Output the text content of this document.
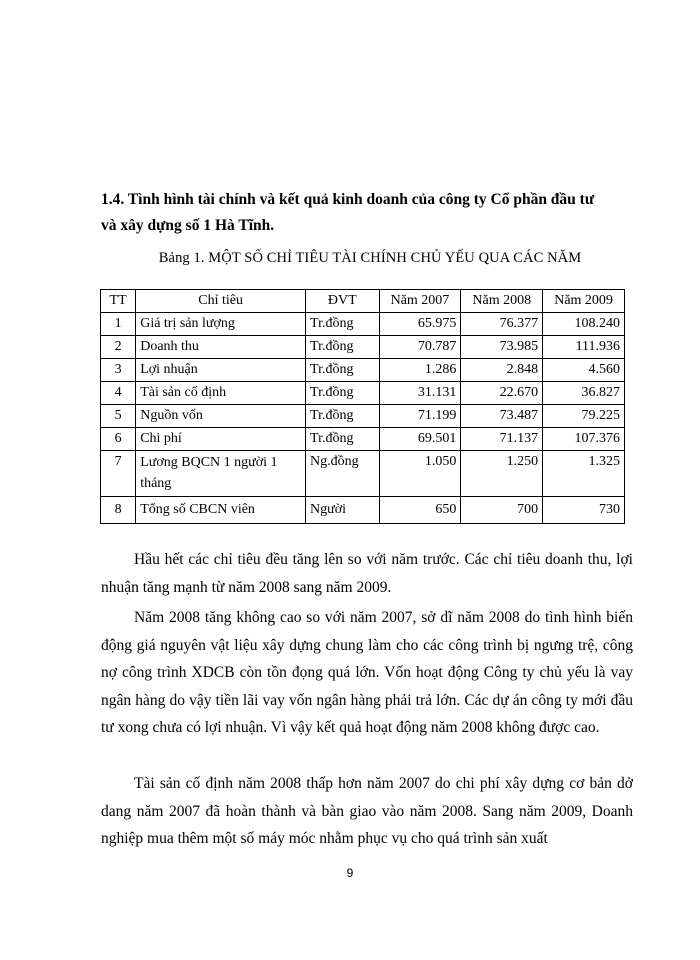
1.4. Tình hình tài chính và kết quả kinh doanh của công ty Cổ phần đầu tư
và xây dựng số 1 Hà Tĩnh.
Bảng 1. MỘT SỐ CHỈ TIÊU TÀI CHÍNH CHỦ YẾU QUA CÁC NĂM
TT	Chỉ tiêu	ĐVT	Năm 2007	Năm 2008	Năm 2009
1	Giá trị sản lượng	Tr.đồng	65.975	76.377	108.240
2	Doanh thu	Tr.đồng	70.787	73.985	111.936
3	Lợi nhuận	Tr.đồng	1.286	2.848	4.560
4	Tài sản cố định	Tr.đồng	31.131	22.670	36.827
5	Nguồn vốn	Tr.đồng	71.199	73.487	79.225
6	Chi phí	Tr.đồng	69.501	71.137	107.376
7	Lương BQCN 1 người 1 tháng	Ng.đồng	1.050	1.250	1.325
8	Tổng số CBCN viên	Người	650	700	730

Hầu hết các chỉ tiêu đều tăng lên so với năm trước. Các chỉ tiêu doanh thu, lợi nhuận tăng mạnh từ năm 2008 sang năm 2009.

Năm 2008 tăng không cao so với năm 2007, sở dĩ năm 2008 do tình hình biến động giá nguyên vật liệu xây dựng chung làm cho các công trình bị ngưng trệ, công nợ công trình XDCB còn tồn đọng quá lớn. Vốn hoạt động Công ty chủ yếu là vay ngân hàng do vậy tiền lãi vay vốn ngân hàng phải trả lớn. Các dự án công ty mới đầu tư xong chưa có lợi nhuận. Vì vậy kết quả hoạt động năm 2008 không được cao.

Tài sản cố định năm 2008 thấp hơn năm 2007 do chi phí xây dựng cơ bản dở dang năm 2007 đã hoàn thành và bàn giao vào năm 2008. Sang năm 2009, Doanh nghiệp mua thêm một số máy móc nhằm phục vụ cho quá trình sản xuất

9
